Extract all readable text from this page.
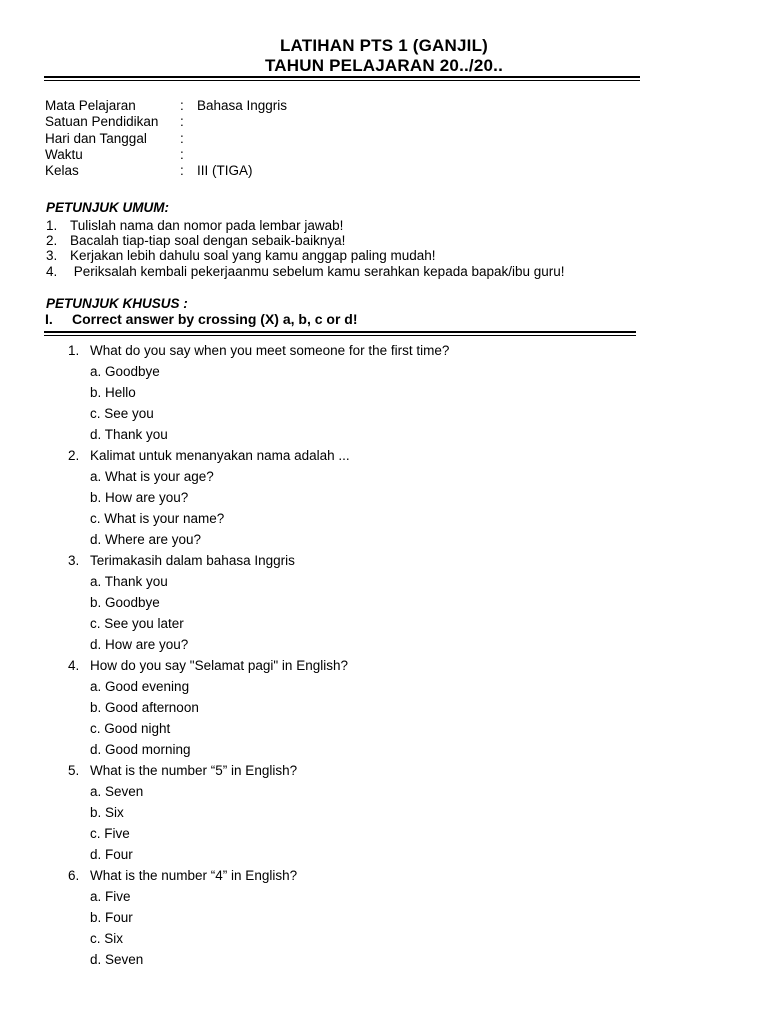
LATIHAN PTS 1 (GANJIL)
TAHUN PELAJARAN 20../20..
Mata Pelajaran	: Bahasa Inggris
Satuan Pendidikan	:
Hari dan Tanggal	:
Waktu	:
Kelas	: III (TIGA)
PETUNJUK UMUM:
1. Tulislah nama dan nomor pada lembar jawab!
2. Bacalah tiap-tiap soal dengan sebaik-baiknya!
3. Kerjakan lebih dahulu soal yang kamu anggap paling mudah!
4. Periksalah kembali pekerjaanmu sebelum kamu serahkan kepada bapak/ibu guru!
PETUNJUK KHUSUS :
I. Correct answer by crossing (X) a, b, c or d!
1. What do you say when you meet someone for the first time?
a. Goodbye
b. Hello
c. See you
d. Thank you
2. Kalimat untuk menanyakan nama adalah ...
a. What is your age?
b. How are you?
c. What is your name?
d. Where are you?
3. Terimakasih dalam bahasa Inggris
a. Thank you
b. Goodbye
c. See you later
d. How are you?
4. How do you say "Selamat pagi" in English?
a. Good evening
b. Good afternoon
c. Good night
d. Good morning
5. What is the number “5” in English?
a. Seven
b. Six
c. Five
d. Four
6. What is the number “4” in English?
a. Five
b. Four
c. Six
d. Seven
